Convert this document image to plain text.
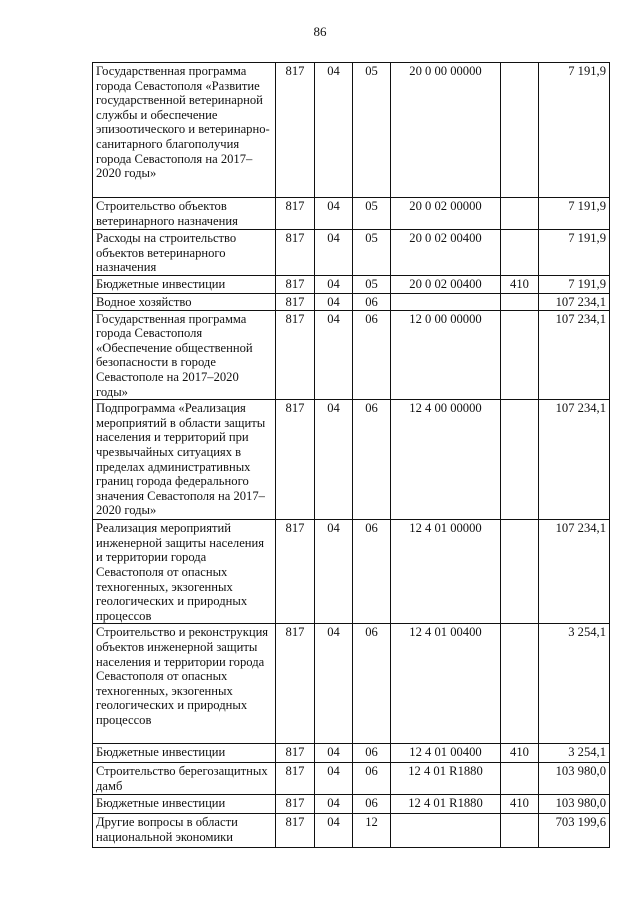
86
Государственная программа города Севастополя «Развитие государственной ветеринарной службы и обеспечение эпизоотического и ветеринарно-санитарного благополучия города Севастополя на 2017–2020 годы»	817	04	05	20 0 00 00000		7 191,9
Строительство объектов ветеринарного назначения	817	04	05	20 0 02 00000		7 191,9
Расходы на строительство объектов ветеринарного назначения	817	04	05	20 0 02 00400		7 191,9
Бюджетные инвестиции	817	04	05	20 0 02 00400	410	7 191,9
Водное хозяйство	817	04	06			107 234,1
Государственная программа города Севастополя «Обеспечение общественной безопасности в городе Севастополе на 2017–2020 годы»	817	04	06	12 0 00 00000		107 234,1
Подпрограмма «Реализация мероприятий в области защиты населения и территорий при чрезвычайных ситуациях в пределах административных границ города федерального значения Севастополя на 2017–2020 годы»	817	04	06	12 4 00 00000		107 234,1
Реализация мероприятий инженерной защиты населения и территории города Севастополя от опасных техногенных, экзогенных геологических и природных процессов	817	04	06	12 4 01 00000		107 234,1
Строительство и реконструкция объектов инженерной защиты населения и территории города Севастополя от опасных техногенных, экзогенных геологических и природных процессов	817	04	06	12 4 01 00400		3 254,1
Бюджетные инвестиции	817	04	06	12 4 01 00400	410	3 254,1
Строительство берегозащитных дамб	817	04	06	12 4 01 R1880		103 980,0
Бюджетные инвестиции	817	04	06	12 4 01 R1880	410	103 980,0
Другие вопросы в области национальной экономики	817	04	12			703 199,6
